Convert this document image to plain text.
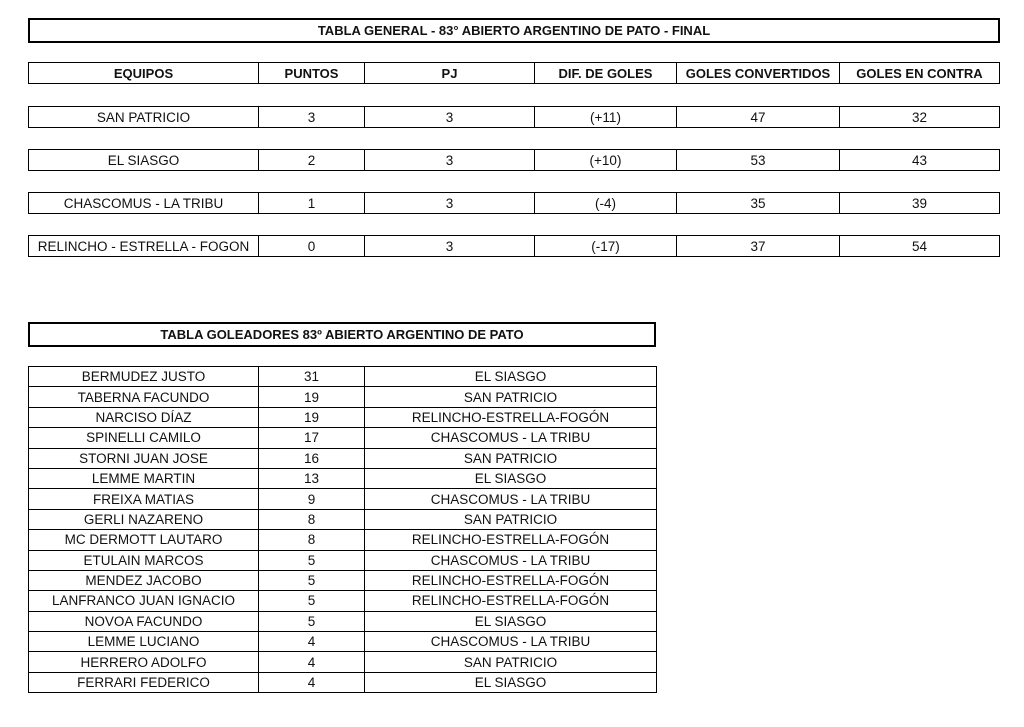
TABLA GENERAL - 83° ABIERTO ARGENTINO DE PATO - FINAL
EQUIPOS	PUNTOS	PJ	DIF. DE GOLES	GOLES CONVERTIDOS	GOLES EN CONTRA
SAN PATRICIO	3	3	(+11)	47	32
EL SIASGO	2	3	(+10)	53	43
CHASCOMUS - LA TRIBU	1	3	(-4)	35	39
RELINCHO - ESTRELLA - FOGON	0	3	(-17)	37	54
TABLA GOLEADORES 83º ABIERTO ARGENTINO DE PATO
BERMUDEZ JUSTO	31	EL SIASGO
TABERNA FACUNDO	19	SAN PATRICIO
NARCISO DÍAZ	19	RELINCHO-ESTRELLA-FOGÓN
SPINELLI CAMILO	17	CHASCOMUS - LA TRIBU
STORNI JUAN JOSE	16	SAN PATRICIO
LEMME MARTIN	13	EL SIASGO
FREIXA MATIAS	9	CHASCOMUS - LA TRIBU
GERLI NAZARENO	8	SAN PATRICIO
MC DERMOTT LAUTARO	8	RELINCHO-ESTRELLA-FOGÓN
ETULAIN MARCOS	5	CHASCOMUS - LA TRIBU
MENDEZ JACOBO	5	RELINCHO-ESTRELLA-FOGÓN
LANFRANCO JUAN IGNACIO	5	RELINCHO-ESTRELLA-FOGÓN
NOVOA FACUNDO	5	EL SIASGO
LEMME LUCIANO	4	CHASCOMUS - LA TRIBU
HERRERO ADOLFO	4	SAN PATRICIO
FERRARI FEDERICO	4	EL SIASGO
